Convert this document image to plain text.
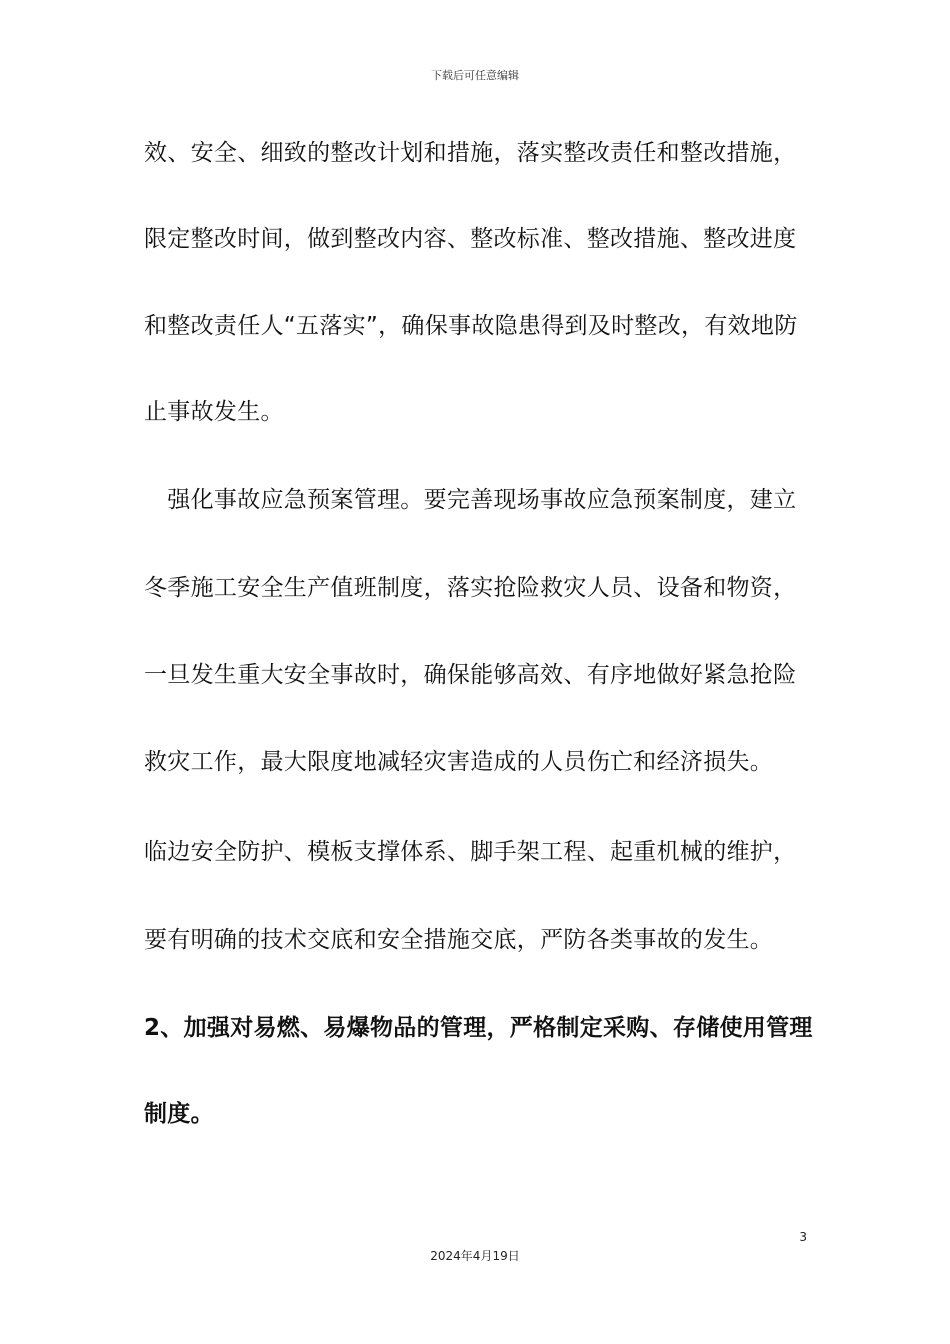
下载后可任意编辑
效、安全、细致的整改计划和措施，落实整改责任和整改措施，
限定整改时间，做到整改内容、整改标准、整改措施、整改进度
和整改责任人“五落实”，确保事故隐患得到及时整改，有效地防
止事故发生。
　强化事故应急预案管理。要完善现场事故应急预案制度，建立
冬季施工安全生产值班制度，落实抢险救灾人员、设备和物资，
一旦发生重大安全事故时，确保能够高效、有序地做好紧急抢险
救灾工作，最大限度地减轻灾害造成的人员伤亡和经济损失。
临边安全防护、模板支撑体系、脚手架工程、起重机械的维护，
要有明确的技术交底和安全措施交底，严防各类事故的发生。
2、加强对易燃、易爆物品的管理，严格制定采购、存储使用管理
制度。
3
2024年4月19日
